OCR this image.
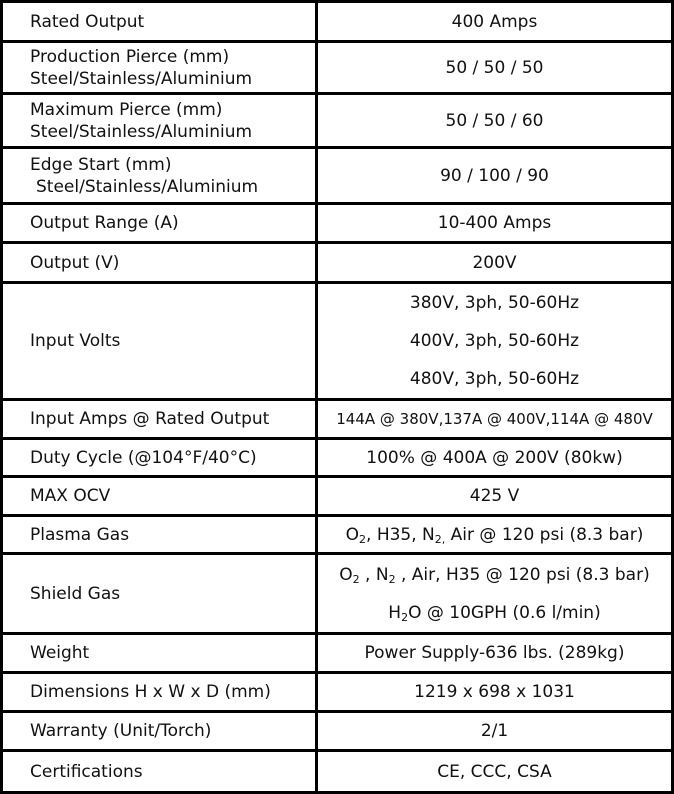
Rated Output	400 Amps

Production Pierce (mm)
Steel/Stainless/Aluminium	50 / 50 / 50

Maximum Pierce (mm)
Steel/Stainless/Aluminium	50 / 50 / 60

Edge Start (mm)
Steel/Stainless/Aluminium	90 / 100 / 90
Output Range (A)	10-400 Amps
Output (V)	200V
Input Volts	380V, 3ph, 50-60Hz
400V, 3ph, 50-60Hz
480V, 3ph, 50-60Hz

Input Amps @ Rated Output	144A @ 380V,137A @ 400V,114A @ 480V
Duty Cycle (@104°F/40°C)	100% @ 400A @ 200V (80kw)
MAX OCV	425 V
Plasma Gas	$O_2$, H35, $N_{2,}$ Air @ 120 psi (8.3 bar)
Shield Gas	$O_2$ , $N_2$ , Air, H35 @ 120 psi (8.3 bar)
$H_2O$ @ 10GPH (0.6 l/min)

Weight	Power Supply-636 lbs. (289kg)
Dimensions H x W x D (mm)	1219 x 698 x 1031
Warranty (Unit/Torch)	2/1
Certifications	CE, CCC, CSA
